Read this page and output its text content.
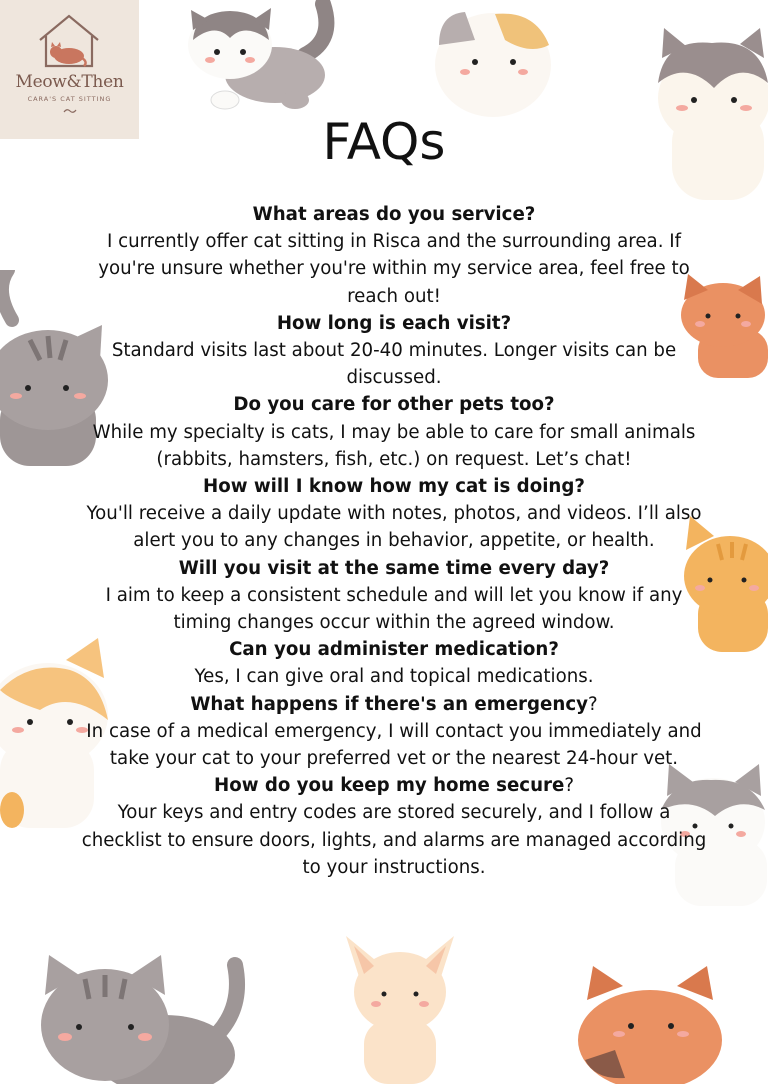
Meow&Then
CARA'S CAT SITTING
FAQs
What areas do you service?
I currently offer cat sitting in Risca and the surrounding area. If you're unsure whether you're within my service area, feel free to reach out!
How long is each visit?
Standard visits last about 20-40 minutes. Longer visits can be discussed.
Do you care for other pets too?
While my specialty is cats, I may be able to care for small animals (rabbits, hamsters, fish, etc.) on request. Let’s chat!
How will I know how my cat is doing?
You'll receive a daily update with notes, photos, and videos. I’ll also alert you to any changes in behavior, appetite, or health.
Will you visit at the same time every day?
I aim to keep a consistent schedule and will let you know if any timing changes occur within the agreed window.
Can you administer medication?
Yes, I can give oral and topical medications.
What happens if there's an emergency?
In case of a medical emergency, I will contact you immediately and take your cat to your preferred vet or the nearest 24-hour vet.
How do you keep my home secure?
Your keys and entry codes are stored securely, and I follow a checklist to ensure doors, lights, and alarms are managed according to your instructions.
